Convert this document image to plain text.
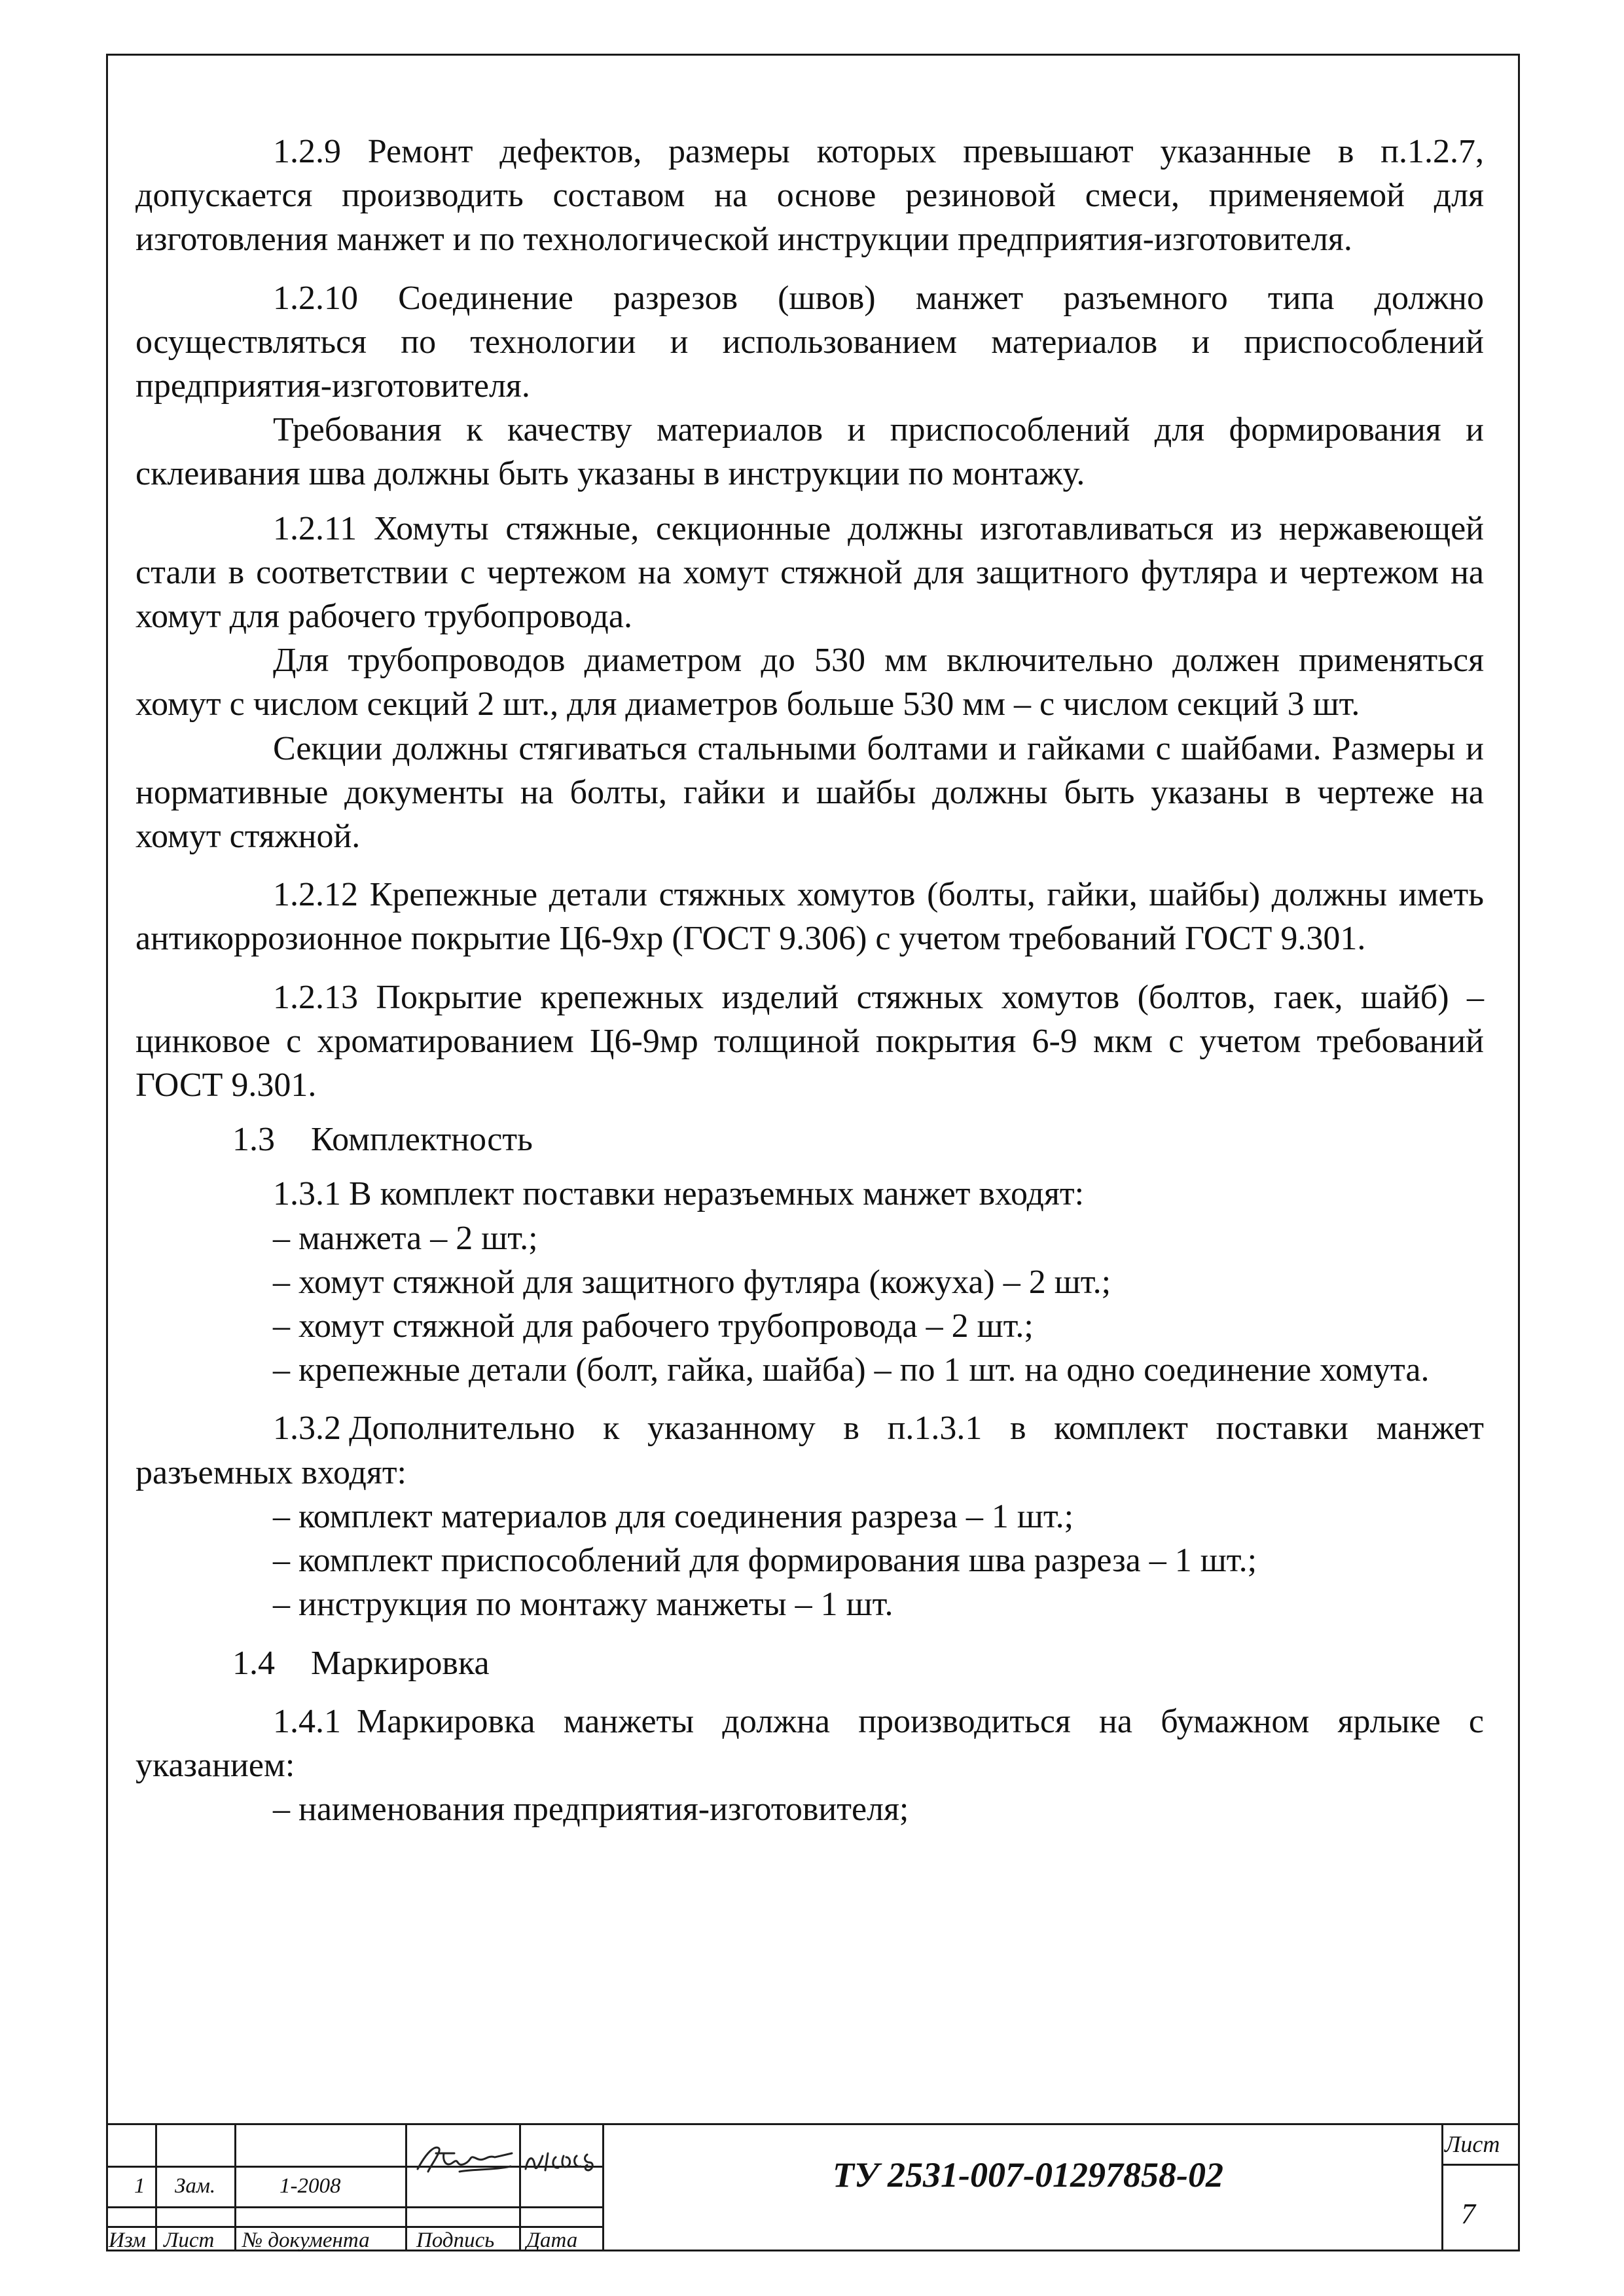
1.2.9 Ремонт дефектов, размеры которых превышают указанные в п.1.2.7, допускается производить составом на основе резиновой смеси, применяемой для изготовления манжет и по технологической инструкции предприятия-изготовителя.

1.2.10 Соединение разрезов (швов) манжет разъемного типа должно осуществляться по технологии и использованием материалов и приспособлений предприятия-изготовителя.

Требования к качеству материалов и приспособлений для формирования и склеивания шва должны быть указаны в инструкции по монтажу.

1.2.11 Хомуты стяжные, секционные должны изготавливаться из нержавеющей стали в соответствии с чертежом на хомут стяжной для защитного футляра и чертежом на хомут для рабочего трубопровода.

Для трубопроводов диаметром до 530 мм включительно должен применяться хомут с числом секций 2 шт., для диаметров больше 530 мм – с числом секций 3 шт.

Секции должны стягиваться стальными болтами и гайками с шайбами. Размеры и нормативные документы на болты, гайки и шайбы должны быть указаны в чертеже на хомут стяжной.

1.2.12 Крепежные детали стяжных хомутов (болты, гайки, шайбы) должны иметь антикоррозионное покрытие Ц6-9хр (ГОСТ 9.306) с учетом требований ГОСТ 9.301.

1.2.13 Покрытие крепежных изделий стяжных хомутов (болтов, гаек, шайб) – цинковое с хроматированием Ц6-9мр толщиной покрытия 6-9 мкм с учетом требований ГОСТ 9.301.

1.3 Комплектность

1.3.1 В комплект поставки неразъемных манжет входят:

– манжета – 2 шт.;

– хомут стяжной для защитного футляра (кожуха) – 2 шт.;

– хомут стяжной для рабочего трубопровода – 2 шт.;

– крепежные детали (болт, гайка, шайба) – по 1 шт. на одно соединение хомута.

1.3.2 Дополнительно к указанному в п.1.3.1 в комплект поставки манжет разъемных входят:

– комплект материалов для соединения разреза – 1 шт.;

– комплект приспособлений для формирования шва разреза – 1 шт.;

– инструкция по монтажу манжеты – 1 шт.

1.4 Маркировка

1.4.1 Маркировка манжеты должна производиться на бумажном ярлыке с указанием:

– наименования предприятия-изготовителя;

1 Зам.	1-2008
Изм Лист № документа Подпись Дата
ТУ 2531-007-01297858-02
Лист
7
